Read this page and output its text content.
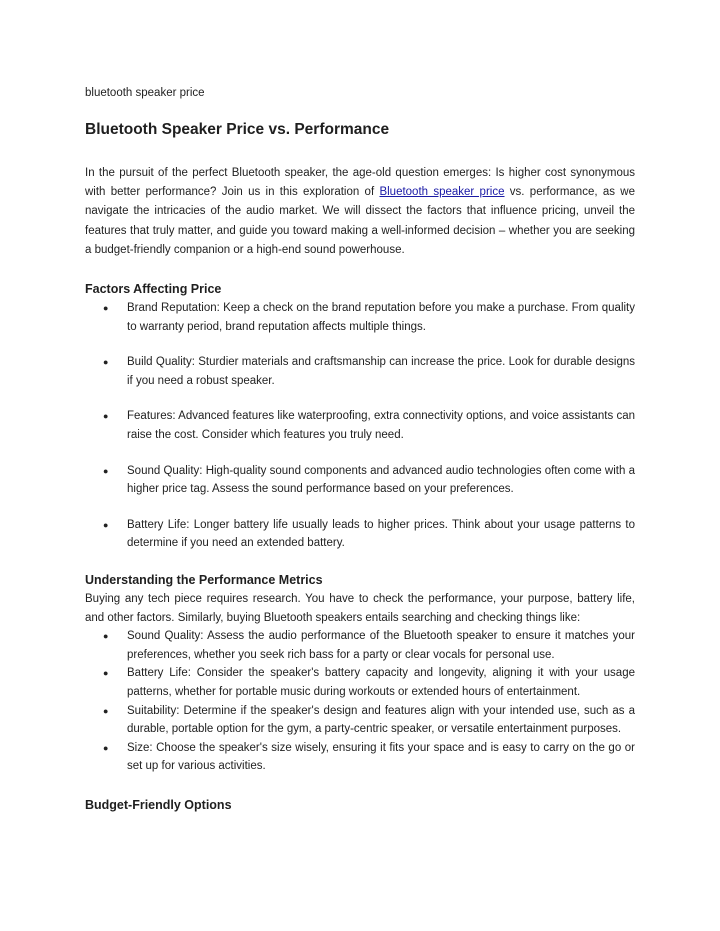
bluetooth speaker price

Bluetooth Speaker Price vs. Performance

In the pursuit of the perfect Bluetooth speaker, the age-old question emerges: Is higher cost synonymous with better performance? Join us in this exploration of Bluetooth speaker price vs. performance, as we navigate the intricacies of the audio market. We will dissect the factors that influence pricing, unveil the features that truly matter, and guide you toward making a well-informed decision – whether you are seeking a budget-friendly companion or a high-end sound powerhouse.

Factors Affecting Price
● Brand Reputation: Keep a check on the brand reputation before you make a purchase. From quality to warranty period, brand reputation affects multiple things.
● Build Quality: Sturdier materials and craftsmanship can increase the price. Look for durable designs if you need a robust speaker.
● Features: Advanced features like waterproofing, extra connectivity options, and voice assistants can raise the cost. Consider which features you truly need.
● Sound Quality: High-quality sound components and advanced audio technologies often come with a higher price tag. Assess the sound performance based on your preferences.
● Battery Life: Longer battery life usually leads to higher prices. Think about your usage patterns to determine if you need an extended battery.
Understanding the Performance Metrics

Buying any tech piece requires research. You have to check the performance, your purpose, battery life, and other factors. Similarly, buying Bluetooth speakers entails searching and checking things like:

● Sound Quality: Assess the audio performance of the Bluetooth speaker to ensure it matches your preferences, whether you seek rich bass for a party or clear vocals for personal use.
● Battery Life: Consider the speaker's battery capacity and longevity, aligning it with your usage patterns, whether for portable music during workouts or extended hours of entertainment.
● Suitability: Determine if the speaker's design and features align with your intended use, such as a durable, portable option for the gym, a party-centric speaker, or versatile entertainment purposes.
● Size: Choose the speaker's size wisely, ensuring it fits your space and is easy to carry on the go or set up for various activities.
Budget-Friendly Options
